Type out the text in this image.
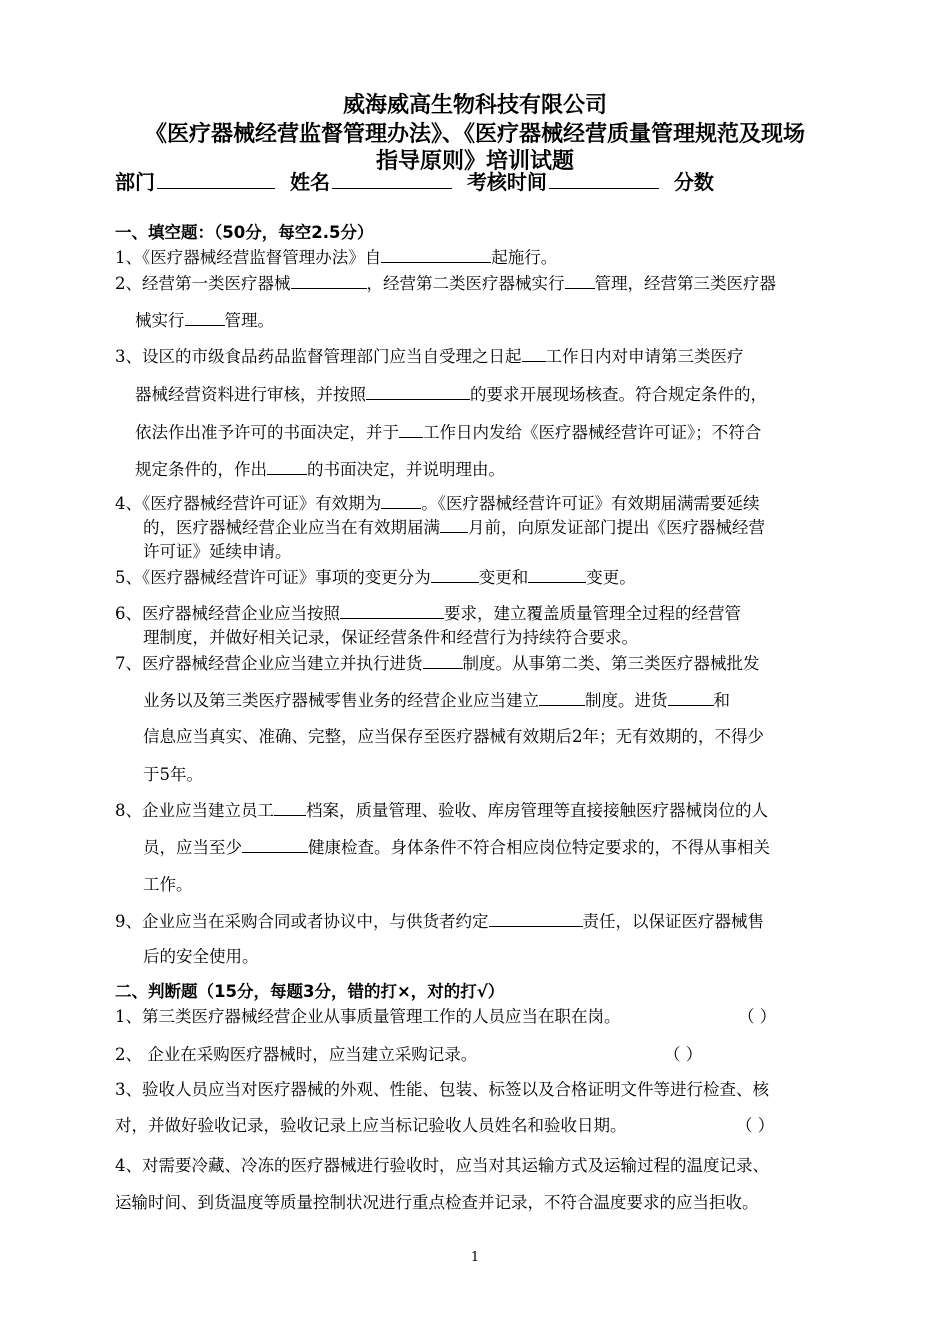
威海威高生物科技有限公司
《医疗器械经营监督管理办法》、《医疗器械经营质量管理规范及现场
指导原则》培训试题
部门	姓名	考核时间	分数
一、填空题：（50分，每空2.5分）
1、《医疗器械经营监督管理办法》自	起施行。
2、经营第一类医疗器械	，经营第二类医疗器械实行 管理，经营第三类医疗器
械实行 管理。
3、设区的市级食品药品监督管理部门应当自受理之日起 工作日内对申请第三类医疗
器械经营资料进行审核，并按照	的要求开展现场核查。符合规定条件的，
依法作出准予许可的书面决定，并于 工作日内发给《医疗器械经营许可证》；不符合
规定条件的，作出 的书面决定，并说明理由。
4、《医疗器械经营许可证》有效期为 。《医疗器械经营许可证》有效期届满需要延续
的，医疗器械经营企业应当在有效期届满 月前，向原发证部门提出《医疗器械经营
许可证》延续申请。
5、《医疗器械经营许可证》事项的变更分为	变更和	变更。
6、医疗器械经营企业应当按照	要求，建立覆盖质量管理全过程的经营管
理制度，并做好相关记录，保证经营条件和经营行为持续符合要求。
7、医疗器械经营企业应当建立并执行进货 制度。从事第二类、第三类医疗器械批发
业务以及第三类医疗器械零售业务的经营企业应当建立	制度。进货	和
信息应当真实、准确、完整，应当保存至医疗器械有效期后2年；无有效期的，不得少
于5年。
8、企业应当建立员工 档案，质量管理、验收、库房管理等直接接触医疗器械岗位的人
员，应当至少	健康检查。身体条件不符合相应岗位特定要求的，不得从事相关
工作。
9、企业应当在采购合同或者协议中，与供货者约定	责任，以保证医疗器械售
后的安全使用。
二、判断题（15分，每题3分，错的打×，对的打√）
1、第三类医疗器械经营企业从事质量管理工作的人员应当在职在岗。	（ ）
2、 企业在采购医疗器械时，应当建立采购记录。	（ ）
3、验收人员应当对医疗器械的外观、性能、包装、标签以及合格证明文件等进行检查、核
对，并做好验收记录，验收记录上应当标记验收人员姓名和验收日期。	（ ）
4、对需要冷藏、冷冻的医疗器械进行验收时，应当对其运输方式及运输过程的温度记录、
运输时间、到货温度等质量控制状况进行重点检查并记录，不符合温度要求的应当拒收。
1
